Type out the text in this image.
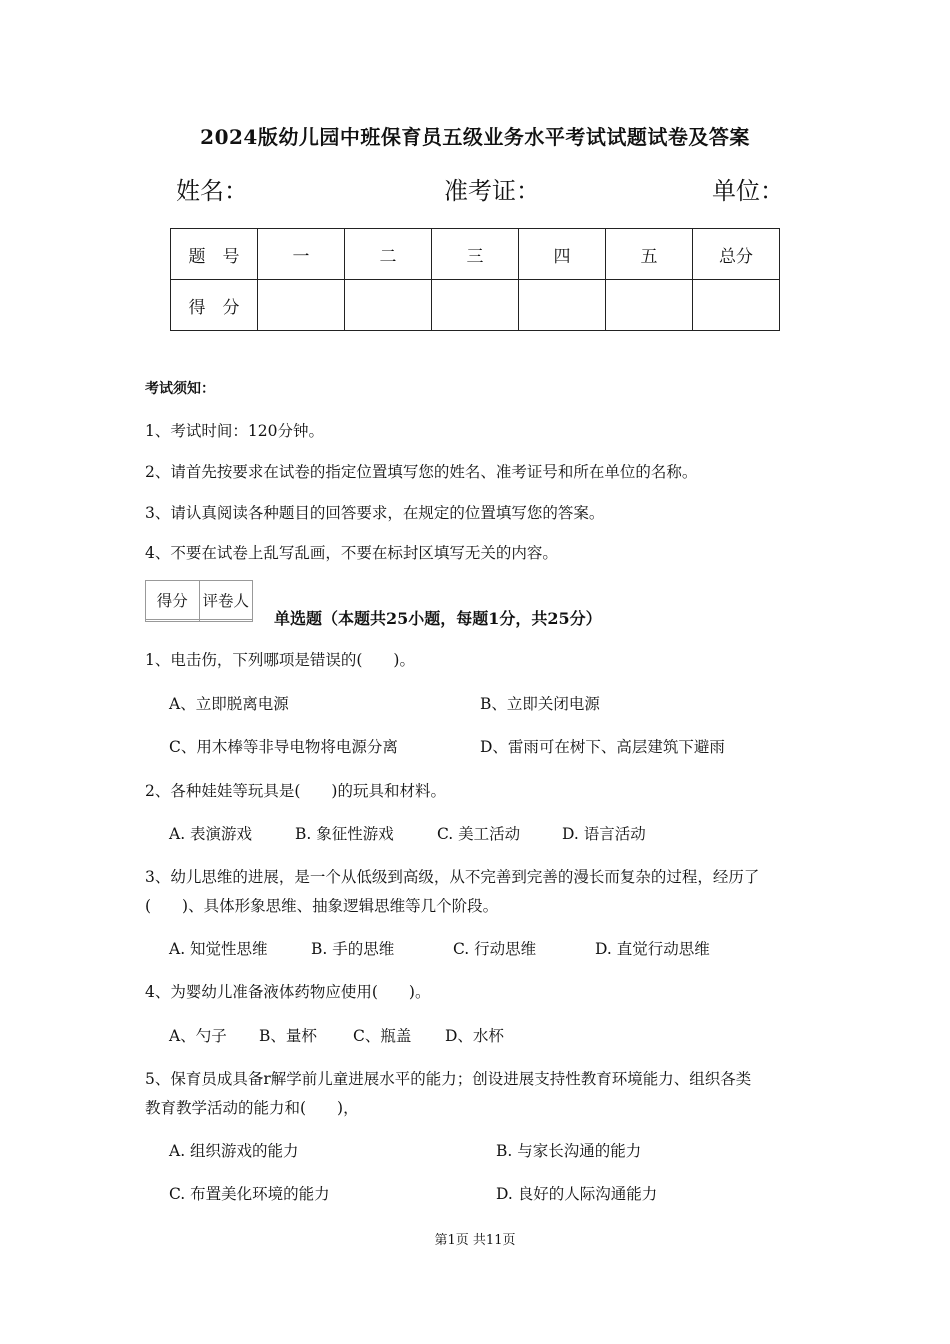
2024版幼儿园中班保育员五级业务水平考试试题试卷及答案
姓名：	准考证：	单位：
题　号	一	二	三	四	五	总分
得　分						
考试须知：
1、考试时间：120分钟。
2、请首先按要求在试卷的指定位置填写您的姓名、准考证号和所在单位的名称。
3、请认真阅读各种题目的回答要求，在规定的位置填写您的答案。
4、不要在试卷上乱写乱画，不要在标封区填写无关的内容。
得分	评卷人

单选题（本题共25小题，每题1分，共25分）
1、电击伤，下列哪项是错误的(　　)。
A、立即脱离电源	B、立即关闭电源
C、用木棒等非导电物将电源分离	D、雷雨可在树下、高层建筑下避雨
2、各种娃娃等玩具是(　　)的玩具和材料。
A. 表演游戏	B. 象征性游戏	C. 美工活动	D. 语言活动
3、幼儿思维的进展，是一个从低级到高级，从不完善到完善的漫长而复杂的过程，经历了
(　　)、具体形象思维、抽象逻辑思维等几个阶段。
A. 知觉性思维	B. 手的思维	C. 行动思维	D. 直觉行动思维
4、为婴幼儿准备液体药物应使用(　　)。
A、勺子 B、量杯 C、瓶盖 D、水杯
5、保育员成具备r解学前儿童进展水平的能力；创设进展支持性教育环境能力、组织各类
教育教学活动的能力和(　　)，
A. 组织游戏的能力	B. 与家长沟通的能力
C. 布置美化环境的能力	D. 良好的人际沟通能力
第1页 共11页
